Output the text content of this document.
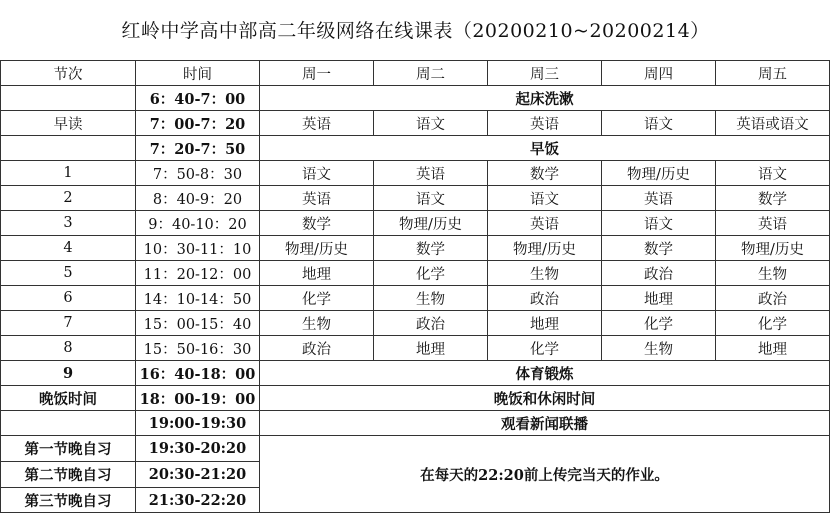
红岭中学高中部高二年级网络在线课表（20200210~20200214）
节次	时间	周一	周二	周三	周四	周五
	6：40-7：00	起床洗漱				
早读	7：00-7：20	英语	语文	英语	语文	英语或语文
	7：20-7：50	早饭				
1	7：50-8：30	语文	英语	数学	物理/历史	语文
2	8：40-9：20	英语	语文	语文	英语	数学
3	9：40-10：20	数学	物理/历史	英语	语文	英语
4	10：30-11：10	物理/历史	数学	物理/历史	数学	物理/历史
5	11：20-12：00	地理	化学	生物	政治	生物
6	14：10-14：50	化学	生物	政治	地理	政治
7	15：00-15：40	生物	政治	地理	化学	化学
8	15：50-16：30	政治	地理	化学	生物	地理
9	16：40-18：00	体育锻炼				
晚饭时间	18：00-19：00	晚饭和休闲时间				
	19:00-19:30	观看新闻联播				
第一节晚自习	19:30-20:20	在每天的22:20前上传完当天的作业。				
第二节晚自习	20:30-21:20					
第三节晚自习	21:30-22:20					
